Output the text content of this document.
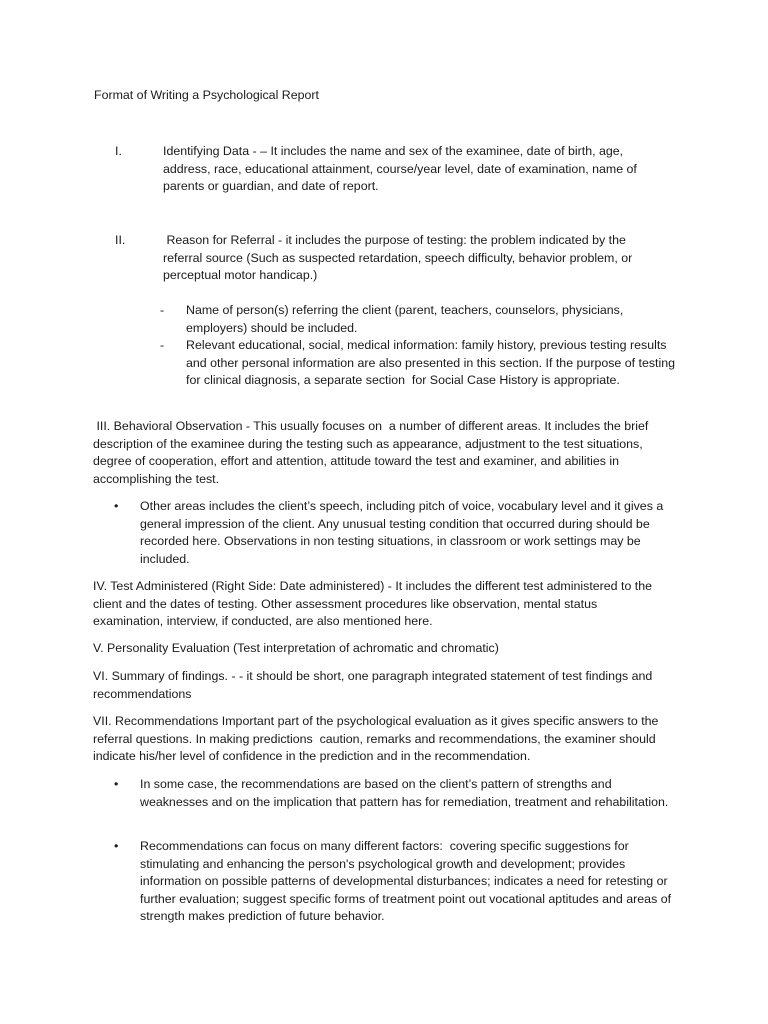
Format of Writing a Psychological Report
I.	Identifying Data - – It includes the name and sex of the examinee, date of birth, age, address, race, educational attainment, course/year level, date of examination, name of parents or guardian, and date of report.
II.	Reason for Referral - it includes the purpose of testing: the problem indicated by the referral source (Such as suspected retardation, speech difficulty, behavior problem, or perceptual motor handicap.)
- Name of person(s) referring the client (parent, teachers, counselors, physicians, employers) should be included.
- Relevant educational, social, medical information: family history, previous testing results and other personal information are also presented in this section. If the purpose of testing for clinical diagnosis, a separate section  for Social Case History is appropriate.

III. Behavioral Observation - This usually focuses on  a number of different areas. It includes the brief description of the examinee during the testing such as appearance, adjustment to the test situations, degree of cooperation, effort and attention, attitude toward the test and examiner, and abilities in accomplishing the test.

• Other areas includes the client’s speech, including pitch of voice, vocabulary level and it gives a general impression of the client. Any unusual testing condition that occurred during should be recorded here. Observations in non testing situations, in classroom or work settings may be included.

IV. Test Administered (Right Side: Date administered) - It includes the different test administered to the client and the dates of testing. Other assessment procedures like observation, mental status examination, interview, if conducted, are also mentioned here.

V. Personality Evaluation (Test interpretation of achromatic and chromatic)

VI. Summary of findings. - - it should be short, one paragraph integrated statement of test findings and recommendations

VII. Recommendations Important part of the psychological evaluation as it gives specific answers to the referral questions. In making predictions  caution, remarks and recommendations, the examiner should indicate his/her level of confidence in the prediction and in the recommendation.

• In some case, the recommendations are based on the client’s pattern of strengths and weaknesses and on the implication that pattern has for remediation, treatment and rehabilitation.
• Recommendations can focus on many different factors:  covering specific suggestions for stimulating and enhancing the person's psychological growth and development; provides information on possible patterns of developmental disturbances; indicates a need for retesting or further evaluation; suggest specific forms of treatment point out vocational aptitudes and areas of strength makes prediction of future behavior.
